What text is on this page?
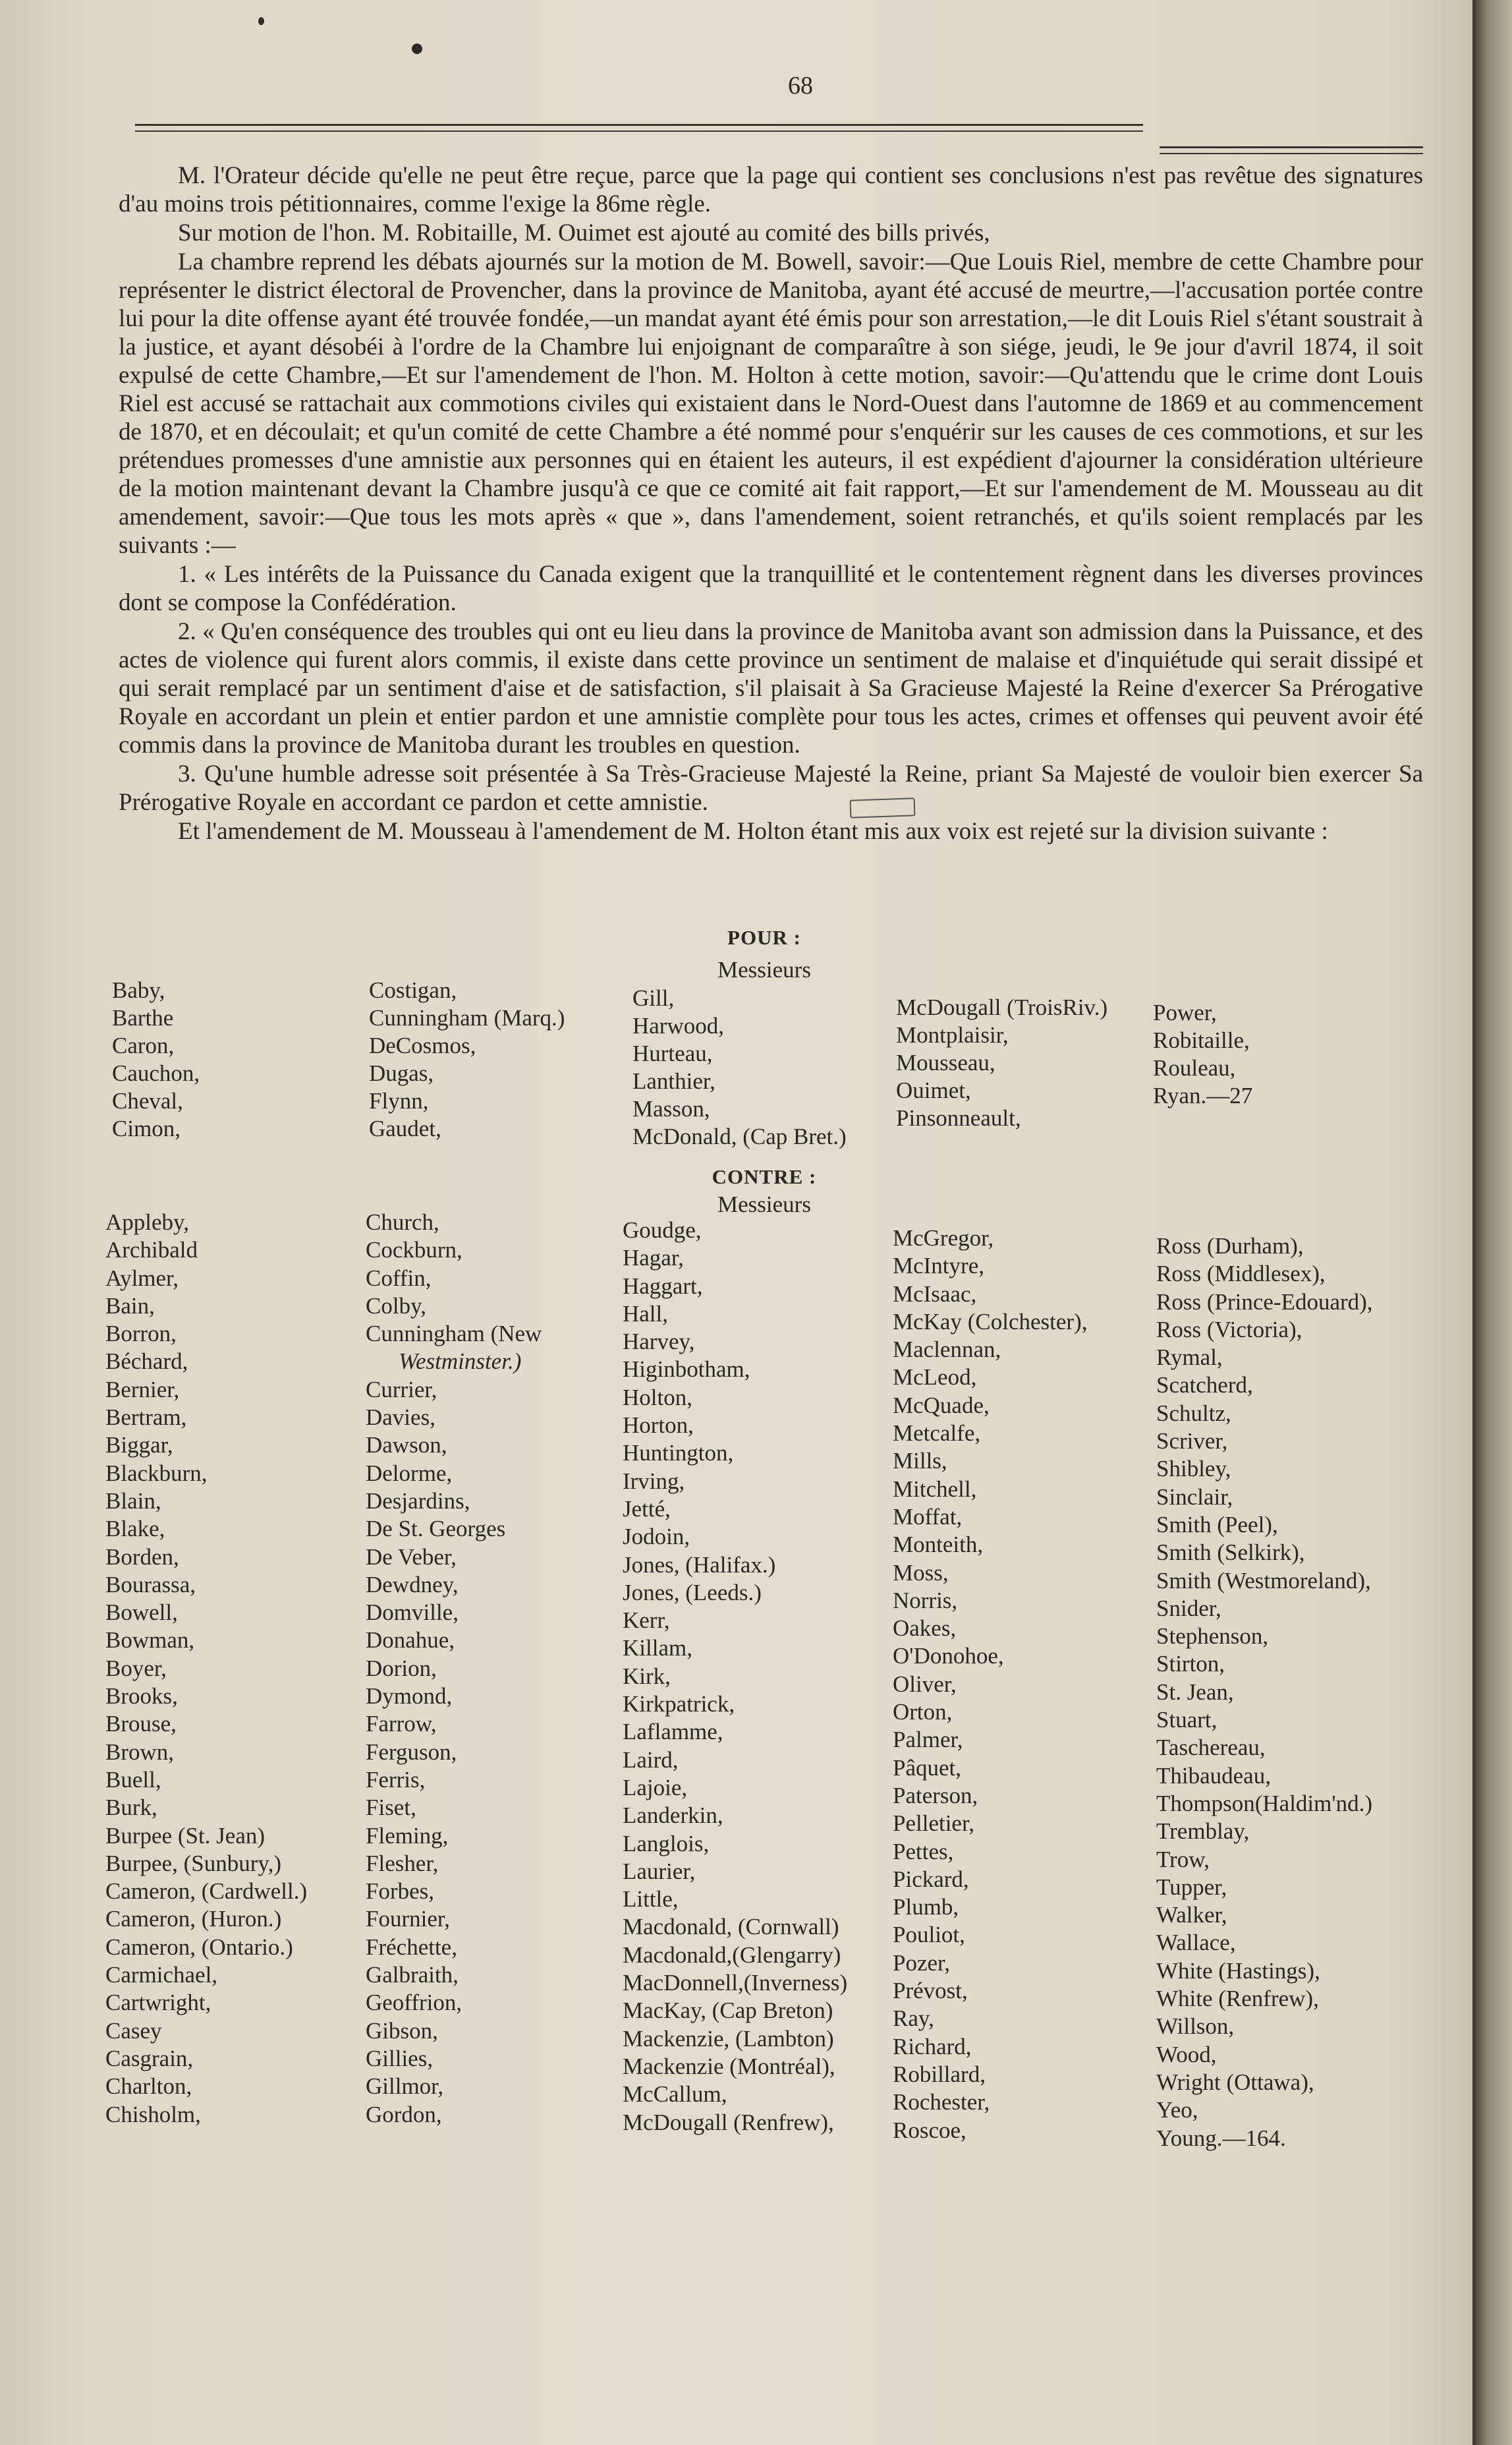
68

M. l'Orateur décide qu'elle ne peut être reçue, parce que la page qui contient ses conclusions n'est pas revêtue des signatures d'au moins trois pétitionnaires, comme l'exige la 86me règle.

Sur motion de l'hon. M. Robitaille, M. Ouimet est ajouté au comité des bills privés,

La chambre reprend les débats ajournés sur la motion de M. Bowell, savoir:—Que Louis Riel, membre de cette Chambre pour représenter le district électoral de Provencher, dans la province de Manitoba, ayant été accusé de meurtre,—l'accusation portée contre lui pour la dite offense ayant été trouvée fondée,—un mandat ayant été émis pour son arrestation,—le dit Louis Riel s'étant soustrait à la justice, et ayant désobéi à l'ordre de la Chambre lui enjoignant de comparaître à son siége, jeudi, le 9e jour d'avril 1874, il soit expulsé de cette Chambre,—Et sur l'amendement de l'hon. M. Holton à cette motion, savoir:—Qu'attendu que le crime dont Louis Riel est accusé se rattachait aux commotions civiles qui existaient dans le Nord-Ouest dans l'automne de 1869 et au commencement de 1870, et en découlait; et qu'un comité de cette Chambre a été nommé pour s'enquérir sur les causes de ces commotions, et sur les prétendues promesses d'une amnistie aux personnes qui en étaient les auteurs, il est expédient d'ajourner la considération ultérieure de la motion maintenant devant la Chambre jusqu'à ce que ce comité ait fait rapport,—Et sur l'amendement de M. Mousseau au dit amendement, savoir:—Que tous les mots après « que », dans l'amendement, soient retranchés, et qu'ils soient remplacés par les suivants :—

1. « Les intérêts de la Puissance du Canada exigent que la tranquillité et le contentement règnent dans les diverses provinces dont se compose la Confédération.

2. « Qu'en conséquence des troubles qui ont eu lieu dans la province de Manitoba avant son admission dans la Puissance, et des actes de violence qui furent alors commis, il existe dans cette province un sentiment de malaise et d'inquiétude qui serait dissipé et qui serait remplacé par un sentiment d'aise et de satisfaction, s'il plaisait à Sa Gracieuse Majesté la Reine d'exercer Sa Prérogative Royale en accordant un plein et entier pardon et une amnistie complète pour tous les actes, crimes et offenses qui peuvent avoir été commis dans la province de Manitoba durant les troubles en question.

3. Qu'une humble adresse soit présentée à Sa Très-Gracieuse Majesté la Reine, priant Sa Majesté de vouloir bien exercer Sa Prérogative Royale en accordant ce pardon et cette amnistie.

Et l'amendement de M. Mousseau à l'amendement de M. Holton étant mis aux voix est rejeté sur la division suivante :

POUR :
Messieurs
Baby,
Barthe
Caron,
Cauchon,
Cheval,
Cimon,
Costigan,
Cunningham (Marq.)
DeCosmos,
Dugas,
Flynn,
Gaudet,
Gill,
Harwood,
Hurteau,
Lanthier,
Masson,
McDonald, (Cap Bret.)
McDougall (TroisRiv.)
Montplaisir,
Mousseau,
Ouimet,
Pinsonneault,
Power,
Robitaille,
Rouleau,
Ryan.—27
CONTRE :
Messieurs
Appleby,
Archibald
Aylmer,
Bain,
Borron,
Béchard,
Bernier,
Bertram,
Biggar,
Blackburn,
Blain,
Blake,
Borden,
Bourassa,
Bowell,
Bowman,
Boyer,
Brooks,
Brouse,
Brown,
Buell,
Burk,
Burpee (St. Jean)
Burpee, (Sunbury,)
Cameron, (Cardwell.)
Cameron, (Huron.)
Cameron, (Ontario.)
Carmichael,
Cartwright,
Casey
Casgrain,
Charlton,
Chisholm,
Church,
Cockburn,
Coffin,
Colby,
Cunningham (New
Westminster.)
Currier,
Davies,
Dawson,
Delorme,
Desjardins,
De St. Georges
De Veber,
Dewdney,
Domville,
Donahue,
Dorion,
Dymond,
Farrow,
Ferguson,
Ferris,
Fiset,
Fleming,
Flesher,
Forbes,
Fournier,
Fréchette,
Galbraith,
Geoffrion,
Gibson,
Gillies,
Gillmor,
Gordon,
Goudge,
Hagar,
Haggart,
Hall,
Harvey,
Higinbotham,
Holton,
Horton,
Huntington,
Irving,
Jetté,
Jodoin,
Jones, (Halifax.)
Jones, (Leeds.)
Kerr,
Killam,
Kirk,
Kirkpatrick,
Laflamme,
Laird,
Lajoie,
Landerkin,
Langlois,
Laurier,
Little,
Macdonald, (Cornwall)
Macdonald,(Glengarry)
MacDonnell,(Inverness)
MacKay, (Cap Breton)
Mackenzie, (Lambton)
Mackenzie (Montréal),
McCallum,
McDougall (Renfrew),
McGregor,
McIntyre,
McIsaac,
McKay (Colchester),
Maclennan,
McLeod,
McQuade,
Metcalfe,
Mills,
Mitchell,
Moffat,
Monteith,
Moss,
Norris,
Oakes,
O'Donohoe,
Oliver,
Orton,
Palmer,
Pâquet,
Paterson,
Pelletier,
Pettes,
Pickard,
Plumb,
Pouliot,
Pozer,
Prévost,
Ray,
Richard,
Robillard,
Rochester,
Roscoe,
Ross (Durham),
Ross (Middlesex),
Ross (Prince-Edouard),
Ross (Victoria),
Rymal,
Scatcherd,
Schultz,
Scriver,
Shibley,
Sinclair,
Smith (Peel),
Smith (Selkirk),
Smith (Westmoreland),
Snider,
Stephenson,
Stirton,
St. Jean,
Stuart,
Taschereau,
Thibaudeau,
Thompson(Haldim'nd.)
Tremblay,
Trow,
Tupper,
Walker,
Wallace,
White (Hastings),
White (Renfrew),
Willson,
Wood,
Wright (Ottawa),
Yeo,
Young.—164.
